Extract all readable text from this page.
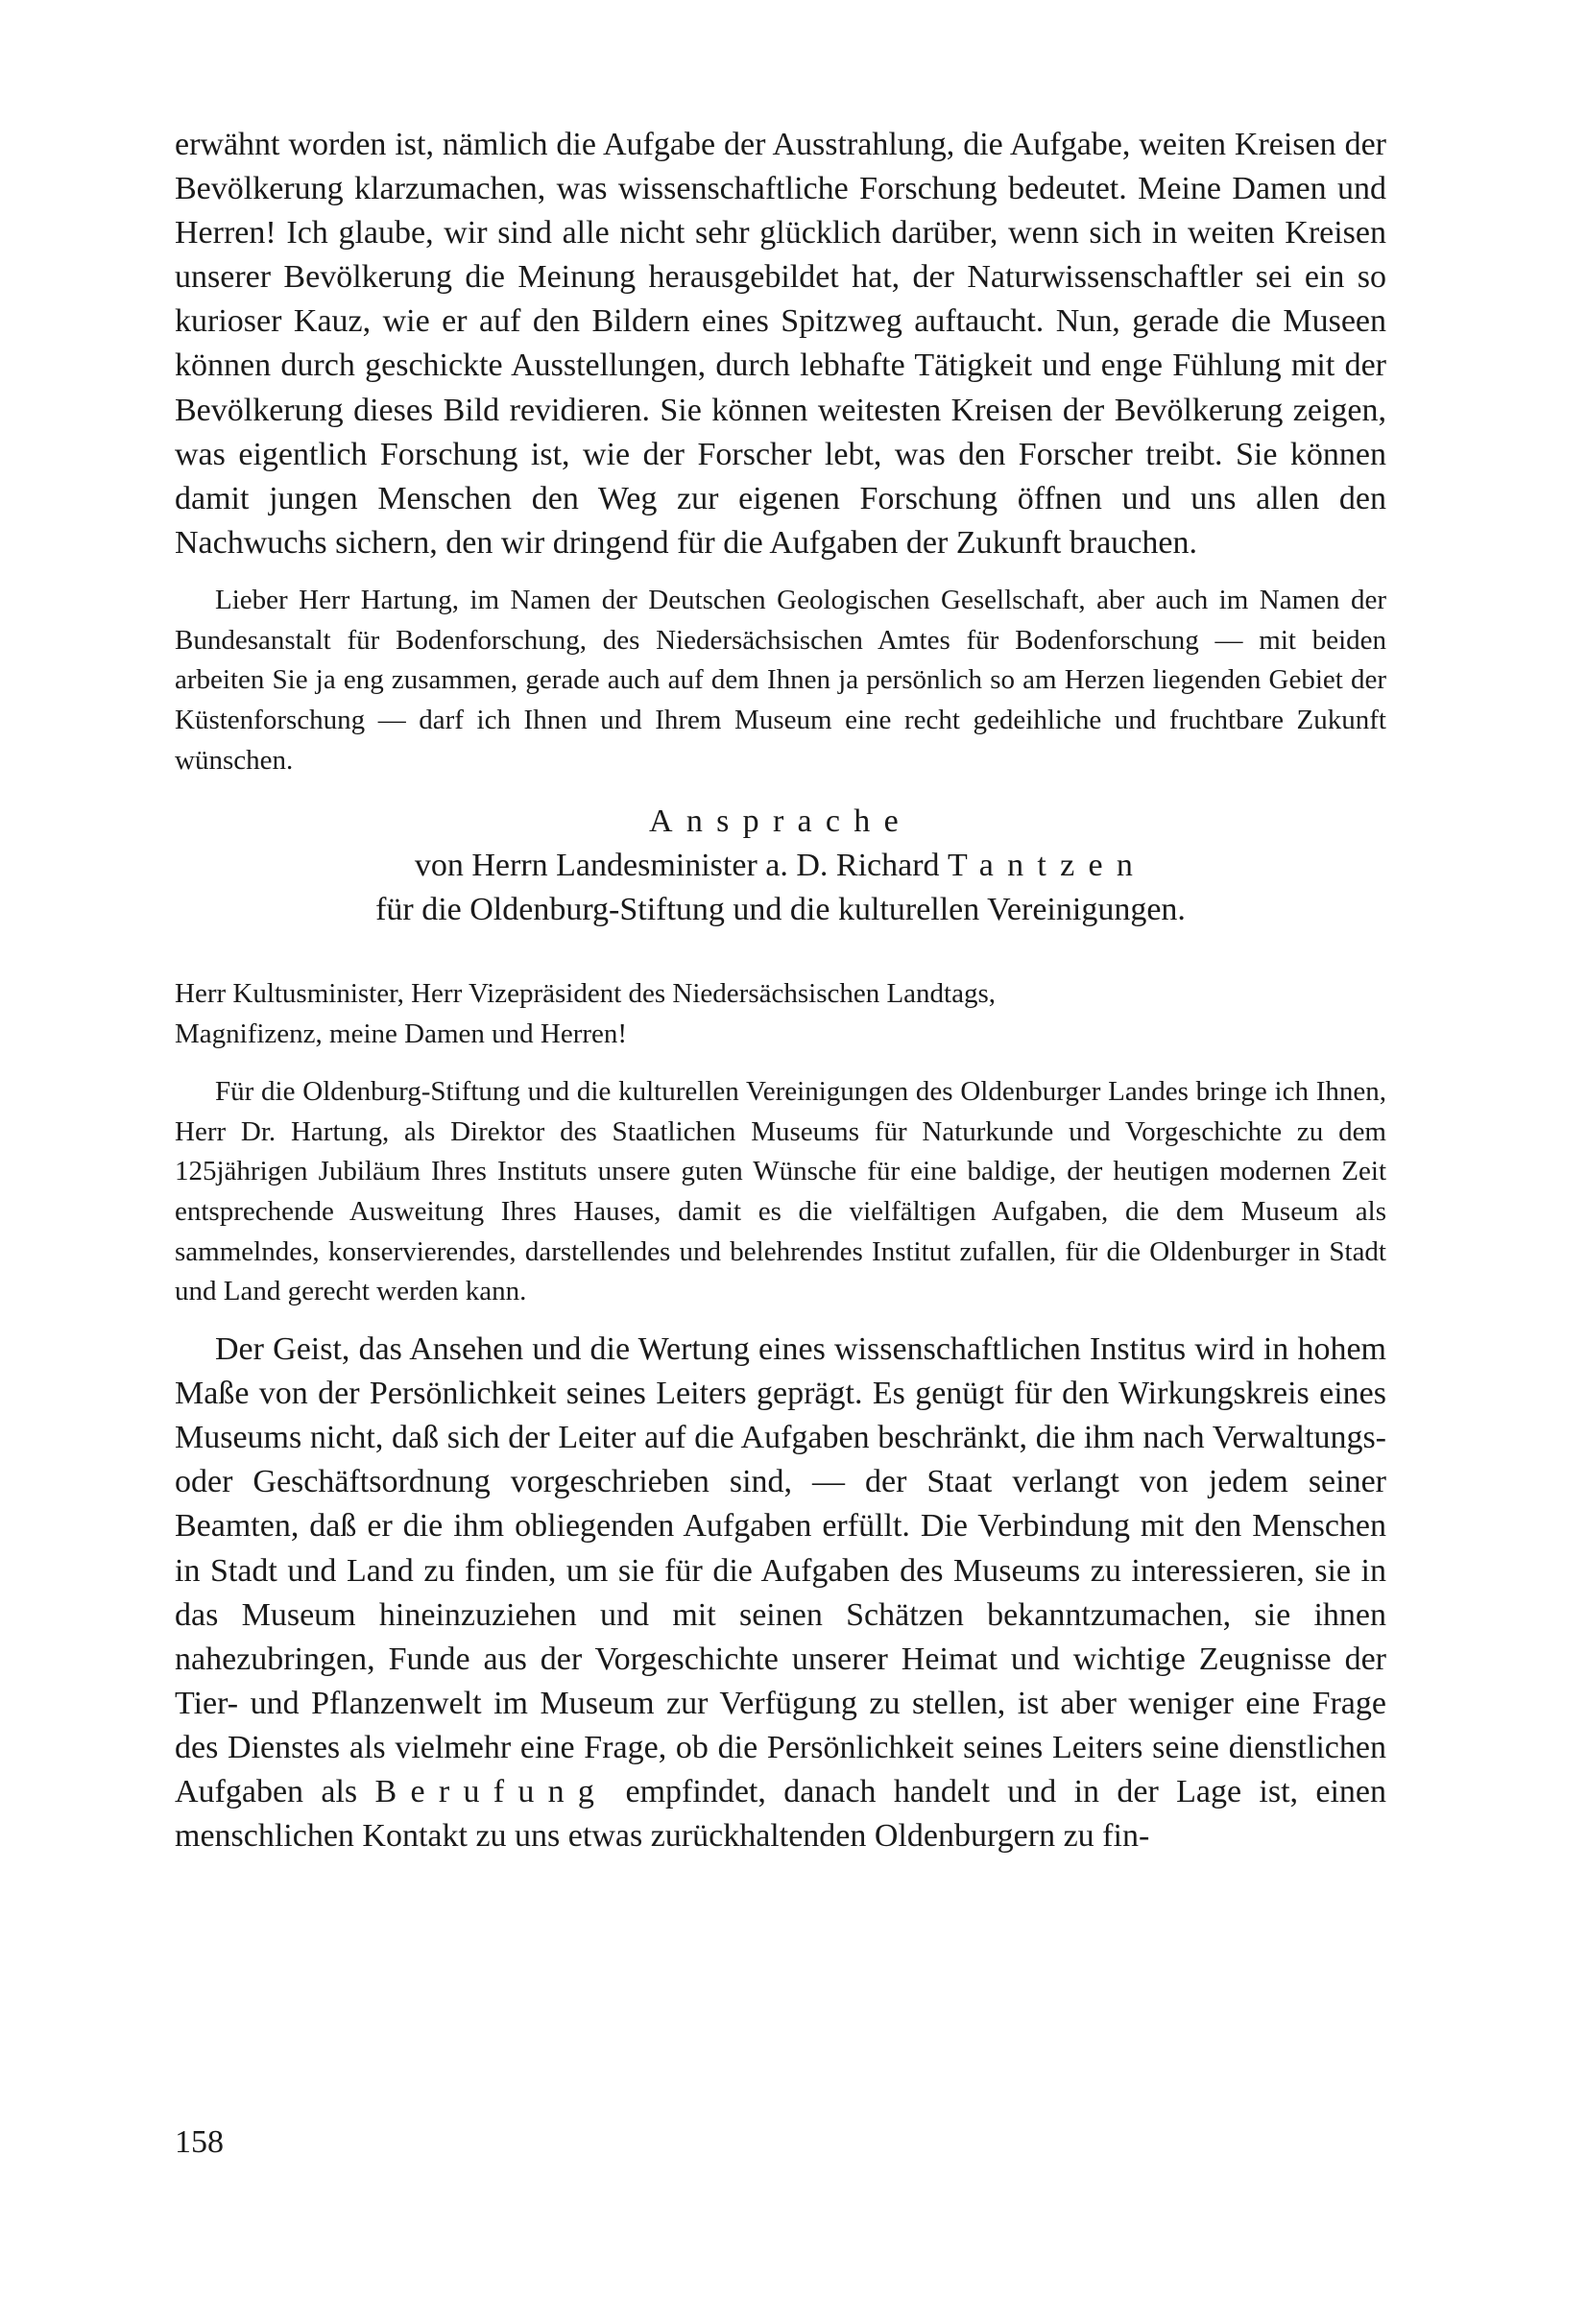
erwähnt worden ist, nämlich die Aufgabe der Ausstrahlung, die Aufgabe, weiten Kreisen der Bevölkerung klarzumachen, was wissenschaftliche Forschung bedeutet. Meine Damen und Herren! Ich glaube, wir sind alle nicht sehr glücklich darüber, wenn sich in weiten Kreisen unserer Bevölkerung die Meinung herausgebildet hat, der Naturwissenschaftler sei ein so kurioser Kauz, wie er auf den Bildern eines Spitzweg auftaucht. Nun, gerade die Museen können durch geschickte Ausstellungen, durch lebhafte Tätigkeit und enge Fühlung mit der Bevölkerung dieses Bild revidieren. Sie können weitesten Kreisen der Bevölkerung zeigen, was eigentlich Forschung ist, wie der Forscher lebt, was den Forscher treibt. Sie können damit jungen Menschen den Weg zur eigenen Forschung öffnen und uns allen den Nachwuchs sichern, den wir dringend für die Aufgaben der Zukunft brauchen.

Lieber Herr Hartung, im Namen der Deutschen Geologischen Gesellschaft, aber auch im Namen der Bundesanstalt für Bodenforschung, des Niedersächsischen Amtes für Bodenforschung — mit beiden arbeiten Sie ja eng zusammen, gerade auch auf dem Ihnen ja persönlich so am Herzen liegenden Gebiet der Küstenforschung — darf ich Ihnen und Ihrem Museum eine recht gedeihliche und fruchtbare Zukunft wünschen.

Ansprache

von Herrn Landesminister a. D. Richard Tantzen

für die Oldenburg-Stiftung und die kulturellen Vereinigungen.

Herr Kultusminister, Herr Vizepräsident des Niedersächsischen Landtags,

Magnifizenz, meine Damen und Herren!

Für die Oldenburg-Stiftung und die kulturellen Vereinigungen des Oldenburger Landes bringe ich Ihnen, Herr Dr. Hartung, als Direktor des Staatlichen Museums für Naturkunde und Vorgeschichte zu dem 125jährigen Jubiläum Ihres Instituts unsere guten Wünsche für eine baldige, der heutigen modernen Zeit entsprechende Ausweitung Ihres Hauses, damit es die vielfältigen Aufgaben, die dem Museum als sammelndes, konservierendes, darstellendes und belehrendes Institut zufallen, für die Oldenburger in Stadt und Land gerecht werden kann.

Der Geist, das Ansehen und die Wertung eines wissenschaftlichen Institus wird in hohem Maße von der Persönlichkeit seines Leiters geprägt. Es genügt für den Wirkungskreis eines Museums nicht, daß sich der Leiter auf die Aufgaben beschränkt, die ihm nach Verwaltungs- oder Geschäftsordnung vorgeschrieben sind, — der Staat verlangt von jedem seiner Beamten, daß er die ihm obliegenden Aufgaben erfüllt. Die Verbindung mit den Menschen in Stadt und Land zu finden, um sie für die Aufgaben des Museums zu interessieren, sie in das Museum hineinzuziehen und mit seinen Schätzen bekanntzumachen, sie ihnen nahezubringen, Funde aus der Vorgeschichte unserer Heimat und wichtige Zeugnisse der Tier- und Pflanzenwelt im Museum zur Verfügung zu stellen, ist aber weniger eine Frage des Dienstes als vielmehr eine Frage, ob die Persönlichkeit seines Leiters seine dienstlichen Aufgaben als Berufung empfindet, danach handelt und in der Lage ist, einen menschlichen Kontakt zu uns etwas zurückhaltenden Oldenburgern zu fin-

158
